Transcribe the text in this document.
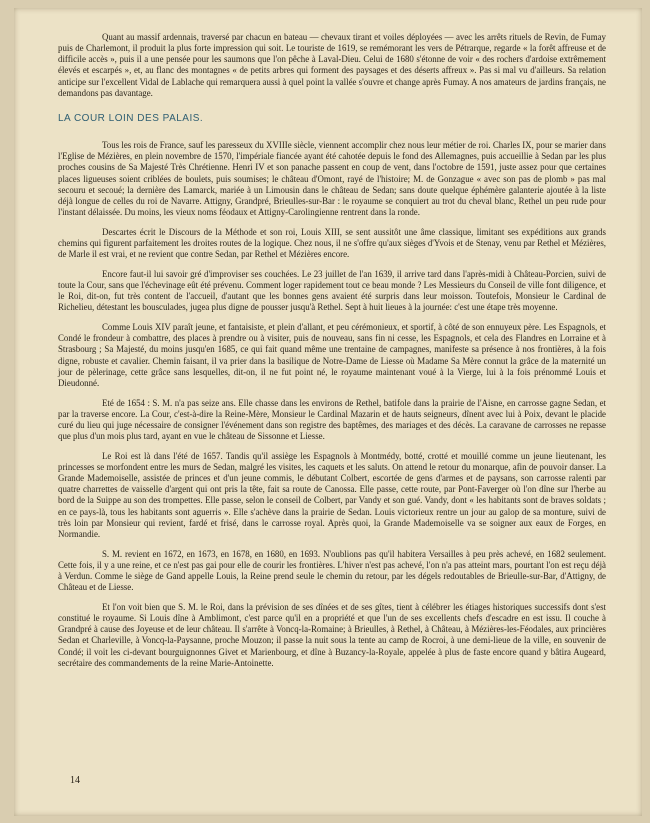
Quant au massif ardennais, traversé par chacun en bateau — chevaux tirant et voiles déployées — avec les arrêts rituels de Revin, de Fumay puis de Charlemont, il produit la plus forte impression qui soit. Le touriste de 1619, se remémorant les vers de Pétrarque, regarde « la forêt affreuse et de difficile accès », puis il a une pensée pour les saumons que l'on pêche à Laval-Dieu. Celui de 1680 s'étonne de voir « des rochers d'ardoise extrêmement élevés et escarpés », et, au flanc des montagnes « de petits arbres qui forment des paysages et des déserts affreux ». Pas si mal vu d'ailleurs. Sa relation anticipe sur l'excellent Vidal de Lablache qui remarquera aussi à quel point la vallée s'ouvre et change après Fumay. A nos amateurs de jardins français, ne demandons pas davantage.

LA COUR LOIN DES PALAIS.

Tous les rois de France, sauf les paresseux du XVIIIe siècle, viennent accomplir chez nous leur métier de roi. Charles IX, pour se marier dans l'Eglise de Mézières, en plein novembre de 1570, l'impériale fiancée ayant été cahotée depuis le fond des Allemagnes, puis accueillie à Sedan par les plus proches cousins de Sa Majesté Très Chrétienne. Henri IV et son panache passent en coup de vent, dans l'octobre de 1591, juste assez pour que certaines places ligueuses soient criblées de boulets, puis soumises; le château d'Omont, rayé de l'histoire; M. de Gonzague « avec son pas de plomb » pas mal secouru et secoué; la dernière des Lamarck, mariée à un Limousin dans le château de Sedan; sans doute quelque éphémère galanterie ajoutée à la liste déjà longue de celles du roi de Navarre. Attigny, Grandpré, Brieulles-sur-Bar : le royaume se conquiert au trot du cheval blanc, Rethel un peu rude pour l'instant délaissée. Du moins, les vieux noms féodaux et Attigny-Carolingienne rentrent dans la ronde.

Descartes écrit le Discours de la Méthode et son roi, Louis XIII, se sent aussitôt une âme classique, limitant ses expéditions aux grands chemins qui figurent parfaitement les droites routes de la logique. Chez nous, il ne s'offre qu'aux sièges d'Yvois et de Stenay, venu par Rethel et Mézières, de Marle il est vrai, et ne revient que contre Sedan, par Rethel et Mézières encore.

Encore faut-il lui savoir gré d'improviser ses couchées. Le 23 juillet de l'an 1639, il arrive tard dans l'après-midi à Château-Porcien, suivi de toute la Cour, sans que l'échevinage eût été prévenu. Comment loger rapidement tout ce beau monde ? Les Messieurs du Conseil de ville font diligence, et le Roi, dit-on, fut très content de l'accueil, d'autant que les bonnes gens avaient été surpris dans leur moisson. Toutefois, Monsieur le Cardinal de Richelieu, détestant les bousculades, jugea plus digne de pousser jusqu'à Rethel. Sept à huit lieues à la journée: c'est une étape très moyenne.

Comme Louis XIV paraît jeune, et fantaisiste, et plein d'allant, et peu cérémonieux, et sportif, à côté de son ennuyeux père. Les Espagnols, et Condé le frondeur à combattre, des places à prendre ou à visiter, puis de nouveau, sans fin ni cesse, les Espagnols, et cela des Flandres en Lorraine et à Strasbourg ; Sa Majesté, du moins jusqu'en 1685, ce qui fait quand même une trentaine de campagnes, manifeste sa présence à nos frontières, à la fois digne, robuste et cavalier. Chemin faisant, il va prier dans la basilique de Notre-Dame de Liesse où Madame Sa Mère connut la grâce de la maternité un jour de pèlerinage, cette grâce sans lesquelles, dit-on, il ne fut point né, le royaume maintenant voué à la Vierge, lui à la fois prénommé Louis et Dieudonné.

Eté de 1654 : S. M. n'a pas seize ans. Elle chasse dans les environs de Rethel, batifole dans la prairie de l'Aisne, en carrosse gagne Sedan, et par la traverse encore. La Cour, c'est-à-dire la Reine-Mère, Monsieur le Cardinal Mazarin et de hauts seigneurs, dînent avec lui à Poix, devant le placide curé du lieu qui juge nécessaire de consigner l'événement dans son registre des baptêmes, des mariages et des décès. La caravane de carrosses ne repasse que plus d'un mois plus tard, ayant en vue le château de Sissonne et Liesse.

Le Roi est là dans l'été de 1657. Tandis qu'il assiège les Espagnols à Montmédy, botté, crotté et mouillé comme un jeune lieutenant, les princesses se morfondent entre les murs de Sedan, malgré les visites, les caquets et les saluts. On attend le retour du monarque, afin de pouvoir danser. La Grande Mademoiselle, assistée de princes et d'un jeune commis, le débutant Colbert, escortée de gens d'armes et de paysans, son carrosse ralenti par quatre charrettes de vaisselle d'argent qui ont pris la tête, fait sa route de Canossa. Elle passe, cette route, par Pont-Faverger où l'on dîne sur l'herbe au bord de la Suippe au son des trompettes. Elle passe, selon le conseil de Colbert, par Vandy et son gué. Vandy, dont « les habitants sont de braves soldats ; en ce pays-là, tous les habitants sont aguerris ». Elle s'achève dans la prairie de Sedan. Louis victorieux rentre un jour au galop de sa monture, suivi de très loin par Monsieur qui revient, fardé et frisé, dans le carrosse royal. Après quoi, la Grande Mademoiselle va se soigner aux eaux de Forges, en Normandie.

S. M. revient en 1672, en 1673, en 1678, en 1680, en 1693. N'oublions pas qu'il habitera Versailles à peu près achevé, en 1682 seulement. Cette fois, il y a une reine, et ce n'est pas gai pour elle de courir les frontières. L'hiver n'est pas achevé, l'on n'a pas atteint mars, pourtant l'on est reçu déjà à Verdun. Comme le siège de Gand appelle Louis, la Reine prend seule le chemin du retour, par les dégels redoutables de Brieulle-sur-Bar, d'Attigny, de Château et de Liesse.

Et l'on voit bien que S. M. le Roi, dans la prévision de ses dînées et de ses gîtes, tient à célébrer les étiages historiques successifs dont s'est constitué le royaume. Si Louis dîne à Amblimont, c'est parce qu'il en a propriété et que l'un de ses excellents chefs d'escadre en est issu. Il couche à Grandpré à cause des Joyeuse et de leur château. Il s'arrête à Voncq-la-Romaine; à Brieulles, à Rethel, à Château, à Mézières-les-Féodales, aux princières Sedan et Charleville, à Voncq-la-Paysanne, proche Mouzon; il passe la nuit sous la tente au camp de Rocroi, à une demi-lieue de la ville, en souvenir de Condé; il voit les ci-devant bourguignonnes Givet et Marienbourg, et dîne à Buzancy-la-Royale, appelée à plus de faste encore quand y bâtira Augeard, secrétaire des commandements de la reine Marie-Antoinette.

14
